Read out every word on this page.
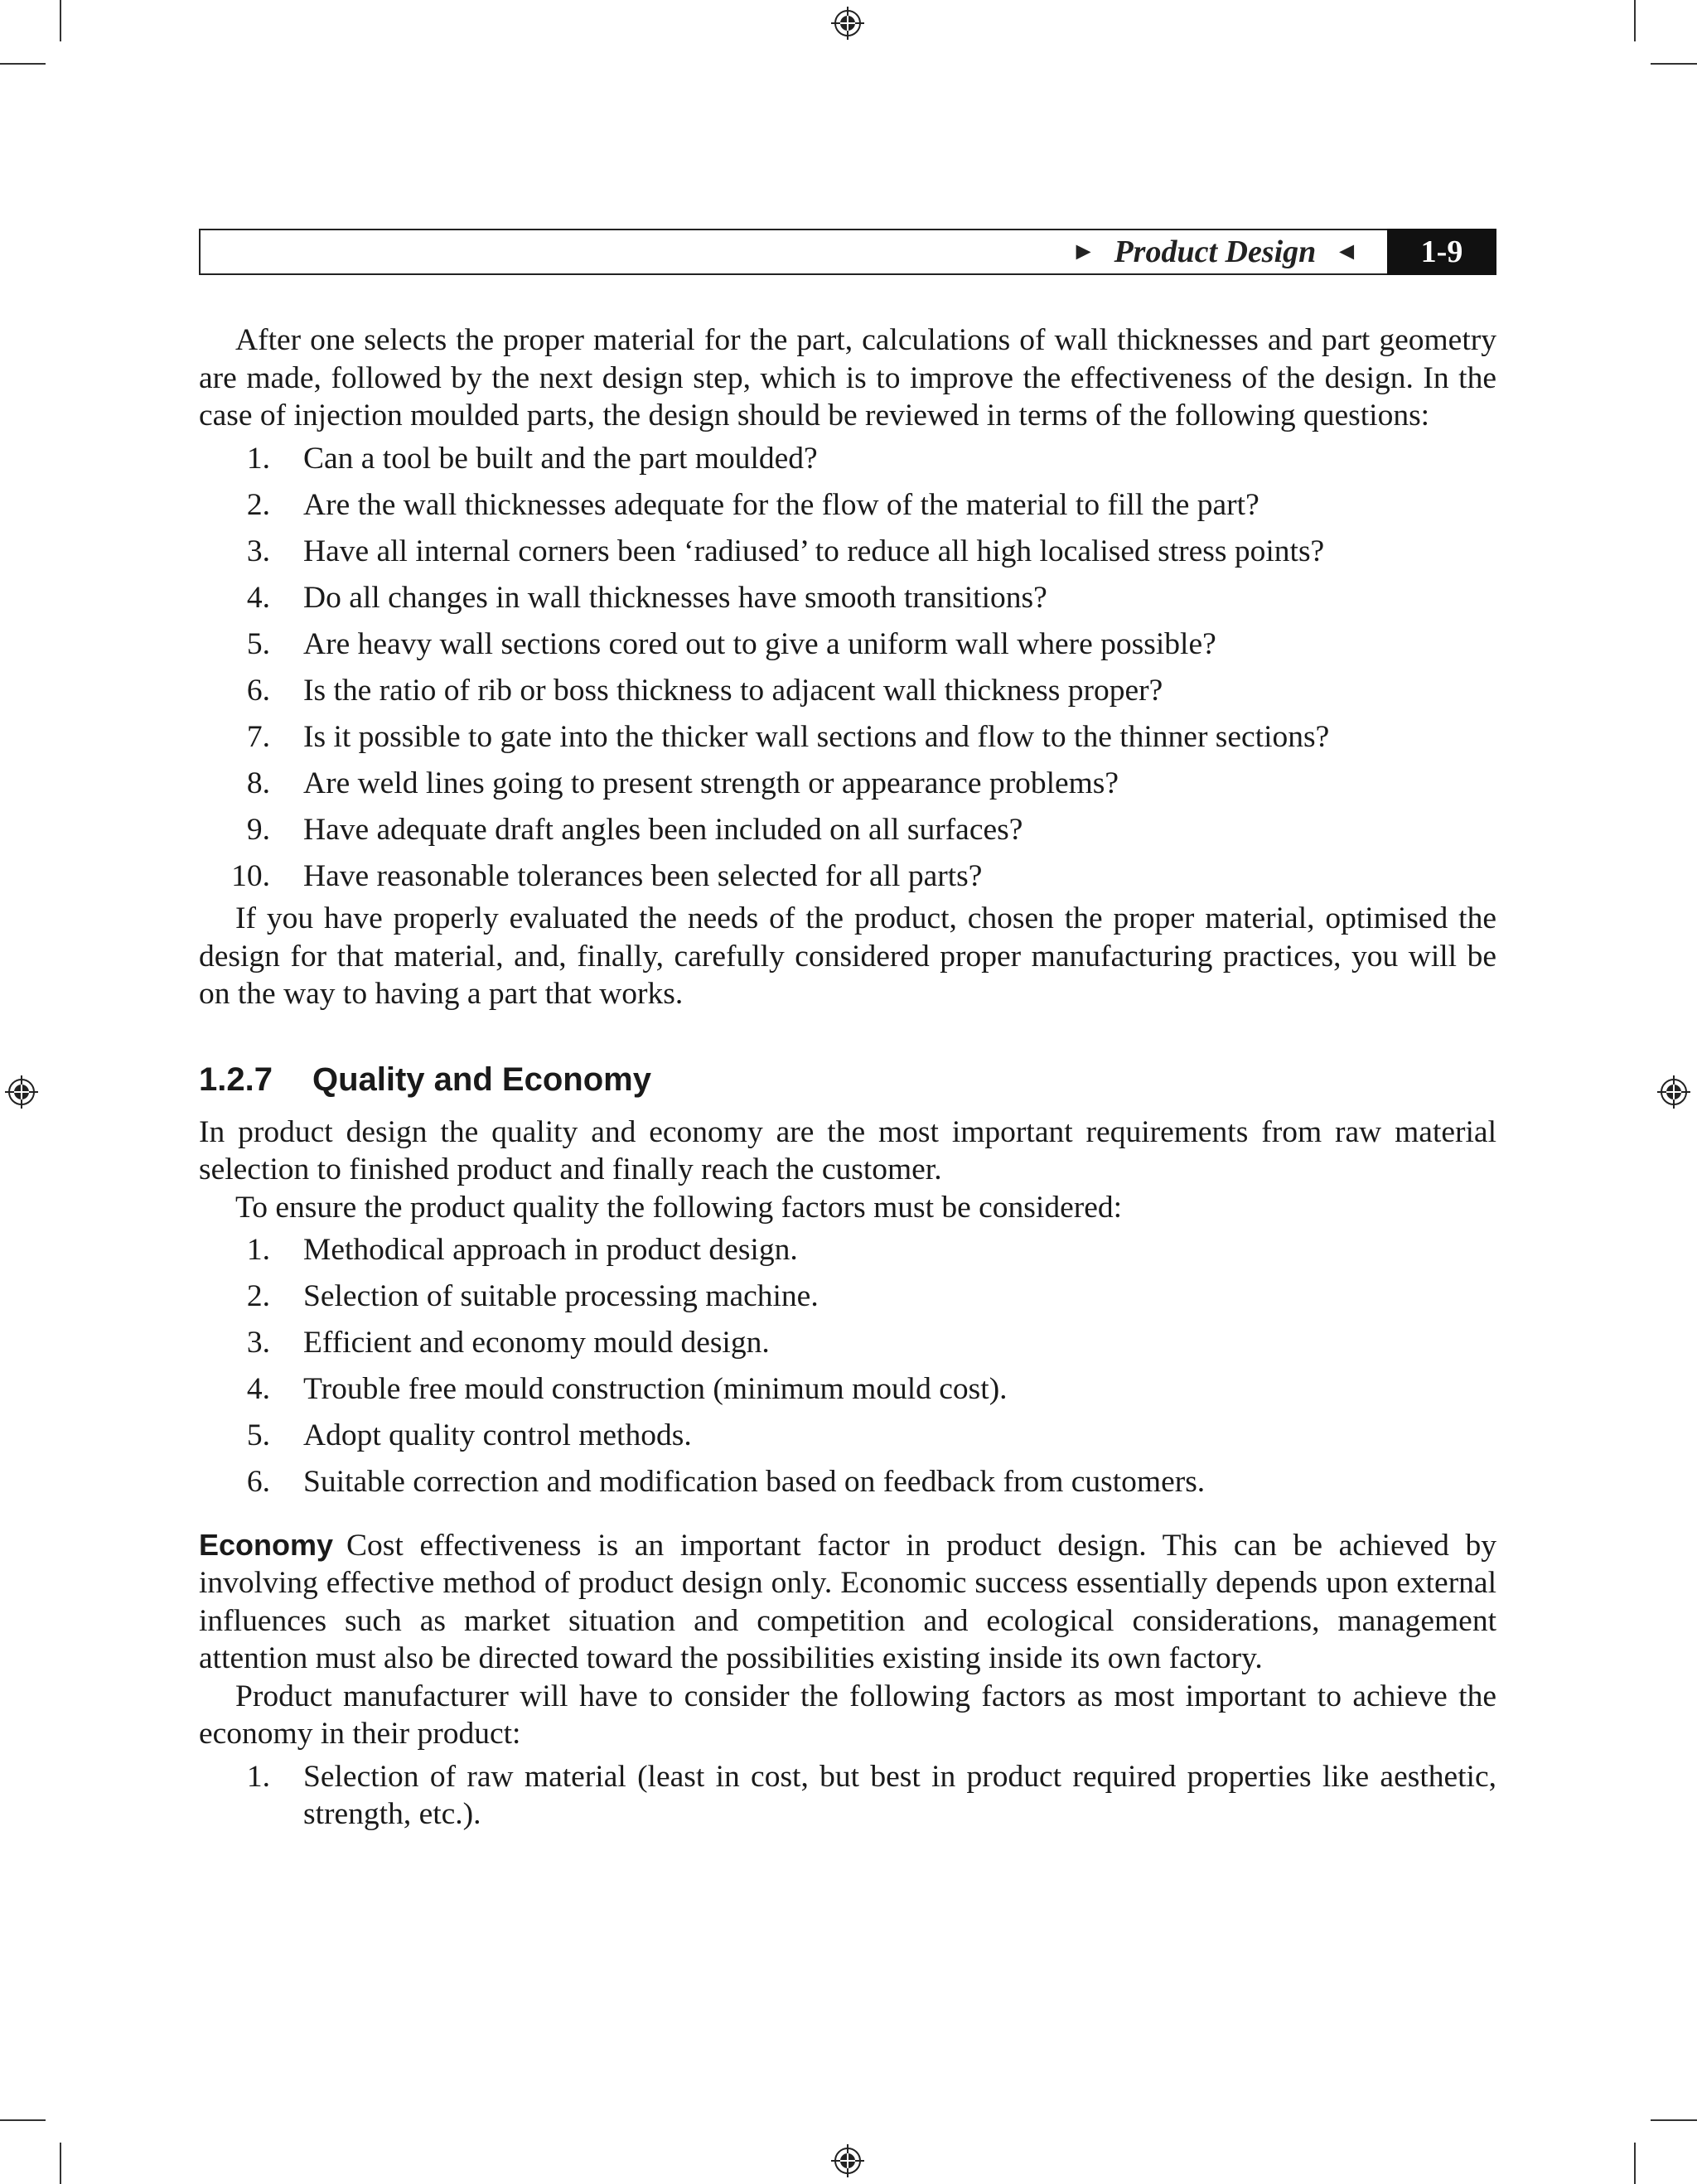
► Product Design ◄	1-9

After one selects the proper material for the part, calculations of wall thicknesses and part geometry are made, followed by the next design step, which is to improve the effectiveness of the design. In the case of injection moulded parts, the design should be reviewed in terms of the following questions:

1. Can a tool be built and the part moulded?
2. Are the wall thicknesses adequate for the flow of the material to fill the part?
3. Have all internal corners been ‘radiused’ to reduce all high localised stress points?
4. Do all changes in wall thicknesses have smooth transitions?
5. Are heavy wall sections cored out to give a uniform wall where possible?
6. Is the ratio of rib or boss thickness to adjacent wall thickness proper?
7. Is it possible to gate into the thicker wall sections and flow to the thinner sections?
8. Are weld lines going to present strength or appearance problems?
9. Have adequate draft angles been included on all surfaces?
10. Have reasonable tolerances been selected for all parts?

If you have properly evaluated the needs of the product, chosen the proper material, optimised the design for that material, and, finally, carefully considered proper manufacturing practices, you will be on the way to having a part that works.

1.2.7 Quality and Economy

In product design the quality and economy are the most important requirements from raw material selection to finished product and finally reach the customer.

To ensure the product quality the following factors must be considered:

1. Methodical approach in product design.
2. Selection of suitable processing machine.
3. Efficient and economy mould design.
4. Trouble free mould construction (minimum mould cost).
5. Adopt quality control methods.
6. Suitable correction and modification based on feedback from customers.

Economy Cost effectiveness is an important factor in product design. This can be achieved by involving effective method of product design only. Economic success essentially depends upon external influences such as market situation and competition and ecological considerations, management attention must also be directed toward the possibilities existing inside its own factory.

Product manufacturer will have to consider the following factors as most important to achieve the economy in their product:

1. Selection of raw material (least in cost, but best in product required properties like aesthetic, strength, etc.).
